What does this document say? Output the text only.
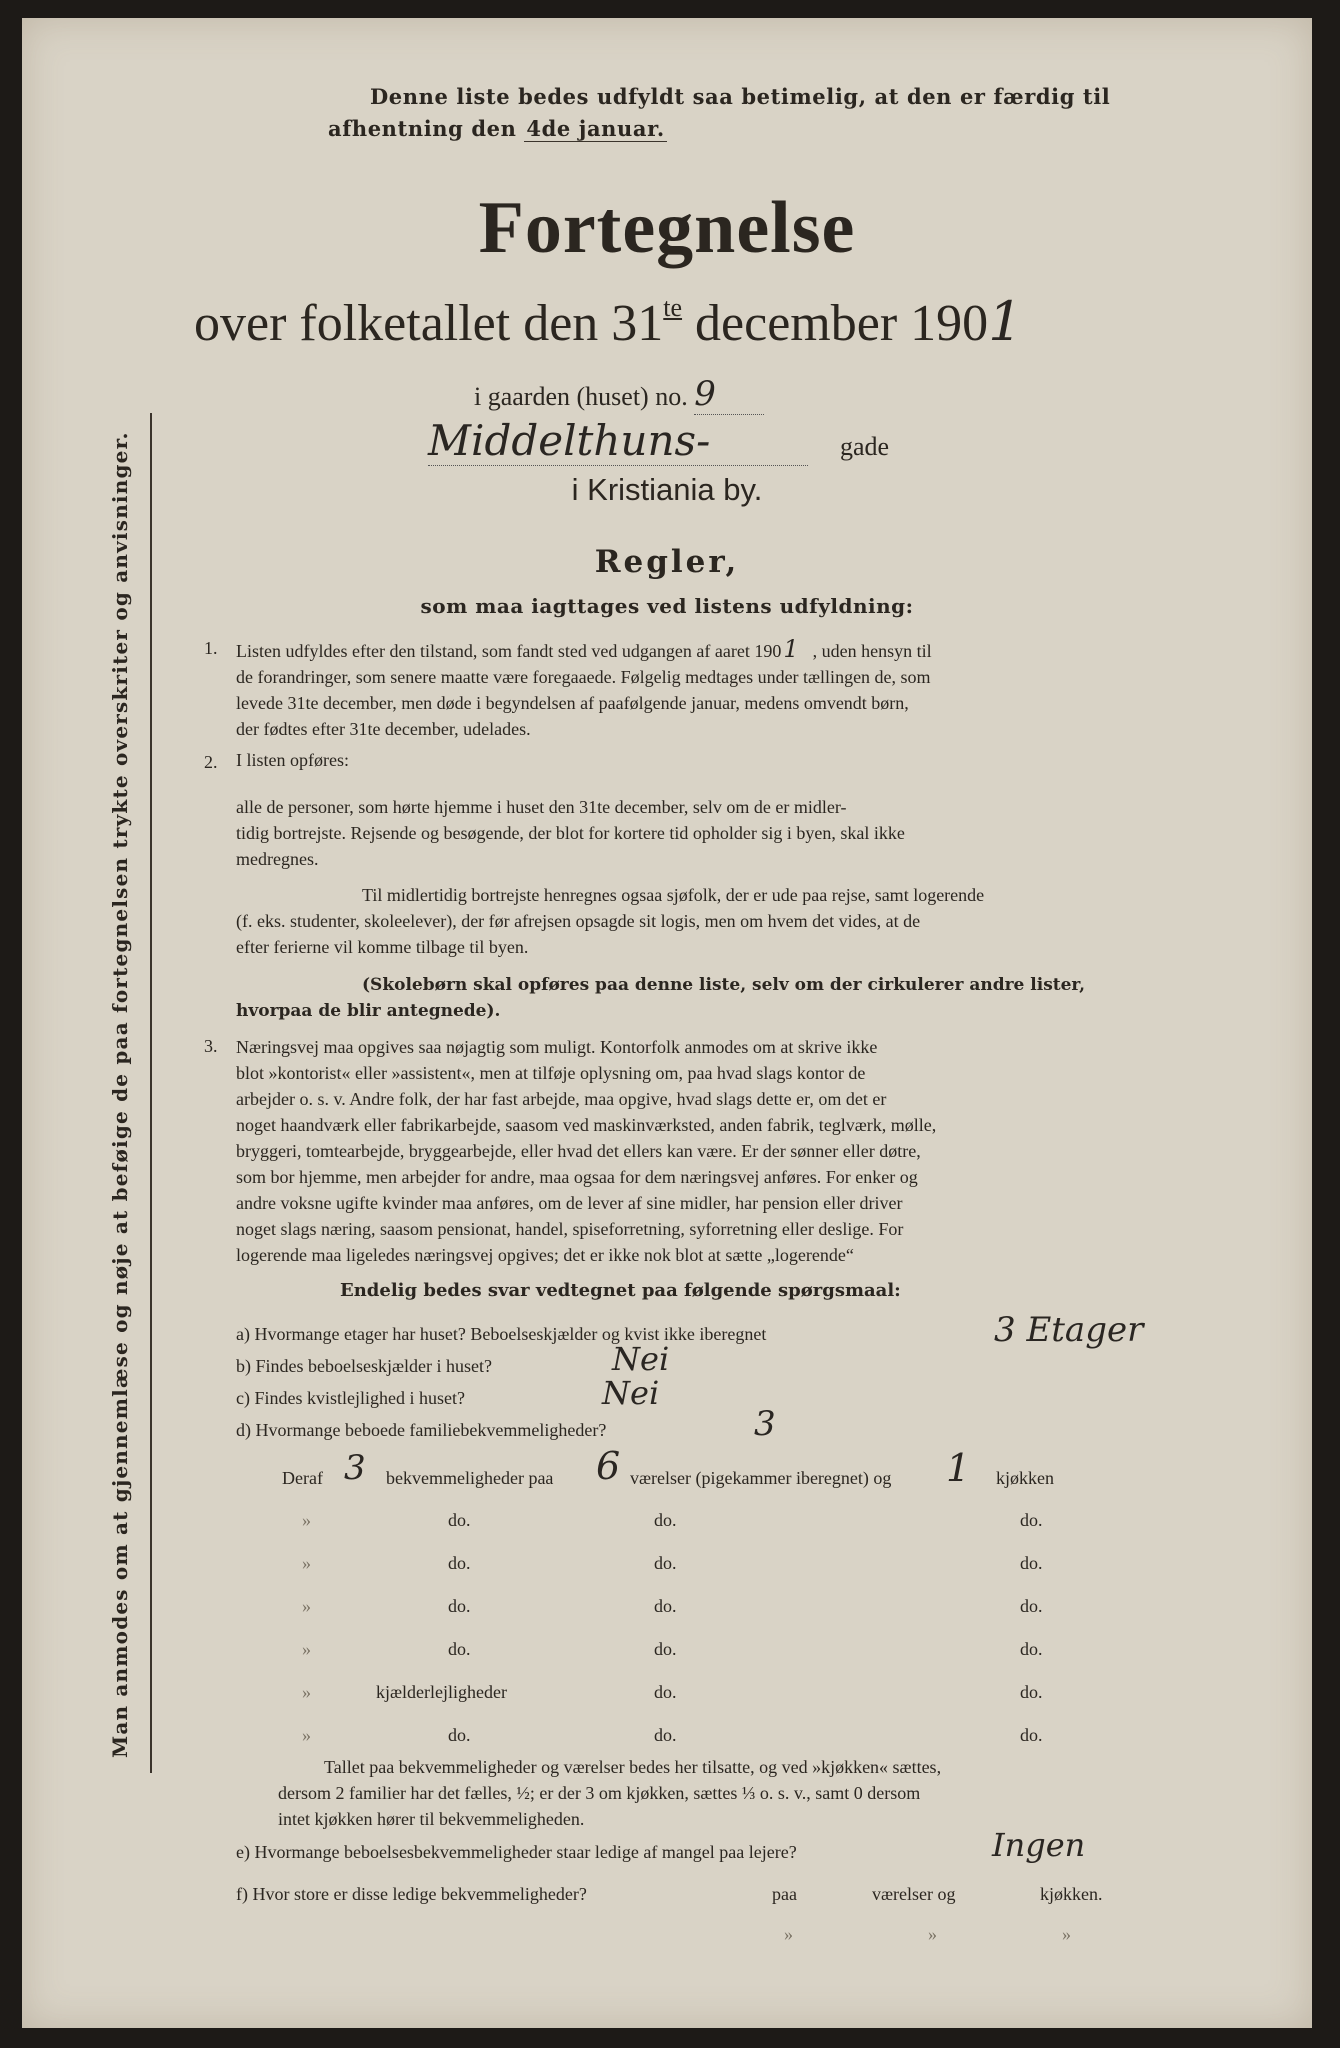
Man anmodes om at gjennemlæse og nøje at beføige de paa fortegnelsen trykte overskriter og anvisninger.
Denne liste bedes udfyldt saa betimelig, at den er færdig til
afhentning den 4de januar.
Fortegnelse
over folketallet den $31^{te}$ december 1901
i gaarden (huset) no. 9
Middelthuns-	gade
i Kristiania by.
Regler,
som maa iagttages ved listens udfyldning:
1. Listen udfyldes efter den tilstand, som fandt sted ved udgangen af aaret 1901 , uden hensyn til
de forandringer, som senere maatte være foregaaede. Følgelig medtages under tællingen de, som
levede 31te december, men døde i begyndelsen af paafølgende januar, medens omvendt børn,
der fødtes efter 31te december, udelades.
2. I listen opføres:
alle de personer, som hørte hjemme i huset den 31te december, selv om de er midler-
tidig bortrejste. Rejsende og besøgende, der blot for kortere tid opholder sig i byen, skal ikke
medregnes.
Til midlertidig bortrejste henregnes ogsaa sjøfolk, der er ude paa rejse, samt logerende
(f. eks. studenter, skoleelever), der før afrejsen opsagde sit logis, men om hvem det vides, at de
efter ferierne vil komme tilbage til byen.
(Skolebørn skal opføres paa denne liste, selv om der cirkulerer andre lister,
hvorpaa de blir antegnede).
3. Næringsvej maa opgives saa nøjagtig som muligt. Kontorfolk anmodes om at skrive ikke
blot »kontorist« eller »assistent«, men at tilføje oplysning om, paa hvad slags kontor de
arbejder o. s. v. Andre folk, der har fast arbejde, maa opgive, hvad slags dette er, om det er
noget haandværk eller fabrikarbejde, saasom ved maskinværksted, anden fabrik, teglværk, mølle,
bryggeri, tomtearbejde, bryggearbejde, eller hvad det ellers kan være. Er der sønner eller døtre,
som bor hjemme, men arbejder for andre, maa ogsaa for dem næringsvej anføres. For enker og
andre voksne ugifte kvinder maa anføres, om de lever af sine midler, har pension eller driver
noget slags næring, saasom pensionat, handel, spiseforretning, syforretning eller deslige. For
logerende maa ligeledes næringsvej opgives; det er ikke nok blot at sætte „logerende“
Endelig bedes svar vedtegnet paa følgende spørgsmaal:
a) Hvormange etager har huset? Beboelseskjælder og kvist ikke iberegnet	3 Etager
b) Findes beboelseskjælder i huset?	Nei
c) Findes kvistlejlighed i huset?	Nei
d) Hvormange beboede familiebekvemmeligheder?	3
Deraf 3 bekvemmeligheder paa 6 værelser (pigekammer iberegnet) og 1 kjøkken
»	do.	do.	do.
»	do.	do.	do.
»	do.	do.	do.
»	do.	do.	do.
»	kjælderlejligheder	do.	do.
»	do.	do.	do.
Tallet paa bekvemmeligheder og værelser bedes her tilsatte, og ved »kjøkken« sættes,
dersom 2 familier har det fælles, ½; er der 3 om kjøkken, sættes ⅓ o. s. v., samt 0 dersom
intet kjøkken hører til bekvemmeligheden.
e) Hvormange beboelsesbekvemmeligheder staar ledige af mangel paa lejere?	Ingen
f) Hvor store er disse ledige bekvemmeligheder?	paa	værelser og	kjøkken.
»	»	»
